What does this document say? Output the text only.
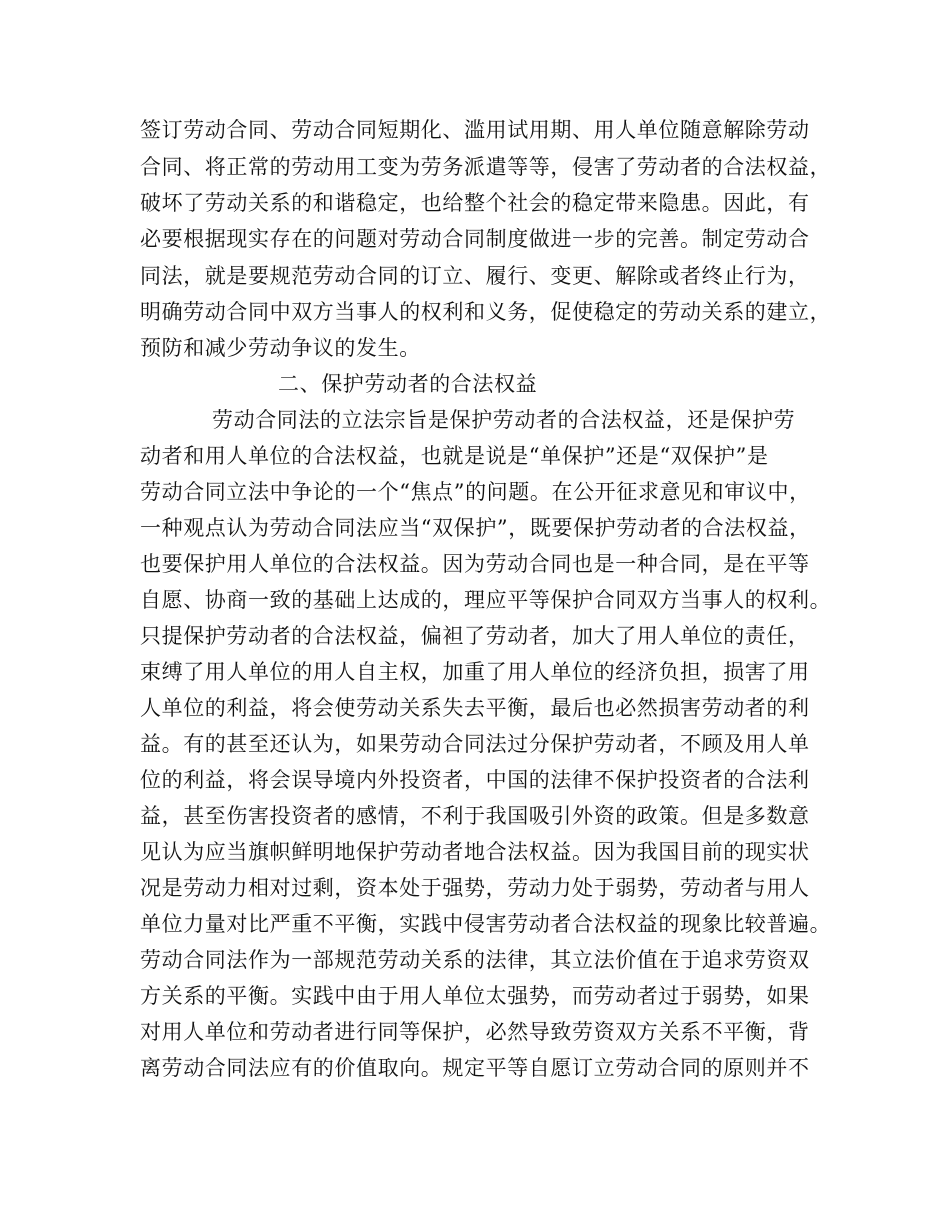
签订劳动合同、劳动合同短期化、滥用试用期、用人单位随意解除劳动
合同、将正常的劳动用工变为劳务派遣等等，侵害了劳动者的合法权益，
破坏了劳动关系的和谐稳定，也给整个社会的稳定带来隐患。因此，有
必要根据现实存在的问题对劳动合同制度做进一步的完善。制定劳动合
同法，就是要规范劳动合同的订立、履行、变更、解除或者终止行为，
明确劳动合同中双方当事人的权利和义务，促使稳定的劳动关系的建立，
预防和减少劳动争议的发生。
二、保护劳动者的合法权益
劳动合同法的立法宗旨是保护劳动者的合法权益，还是保护劳
动者和用人单位的合法权益，也就是说是“单保护”还是“双保护”是
劳动合同立法中争论的一个“焦点”的问题。在公开征求意见和审议中，
一种观点认为劳动合同法应当“双保护”，既要保护劳动者的合法权益，
也要保护用人单位的合法权益。因为劳动合同也是一种合同，是在平等
自愿、协商一致的基础上达成的，理应平等保护合同双方当事人的权利。
只提保护劳动者的合法权益，偏袒了劳动者，加大了用人单位的责任，
束缚了用人单位的用人自主权，加重了用人单位的经济负担，损害了用
人单位的利益，将会使劳动关系失去平衡，最后也必然损害劳动者的利
益。有的甚至还认为，如果劳动合同法过分保护劳动者，不顾及用人单
位的利益，将会误导境内外投资者，中国的法律不保护投资者的合法利
益，甚至伤害投资者的感情，不利于我国吸引外资的政策。但是多数意
见认为应当旗帜鲜明地保护劳动者地合法权益。因为我国目前的现实状
况是劳动力相对过剩，资本处于强势，劳动力处于弱势，劳动者与用人
单位力量对比严重不平衡，实践中侵害劳动者合法权益的现象比较普遍。
劳动合同法作为一部规范劳动关系的法律，其立法价值在于追求劳资双
方关系的平衡。实践中由于用人单位太强势，而劳动者过于弱势，如果
对用人单位和劳动者进行同等保护，必然导致劳资双方关系不平衡，背
离劳动合同法应有的价值取向。规定平等自愿订立劳动合同的原则并不
